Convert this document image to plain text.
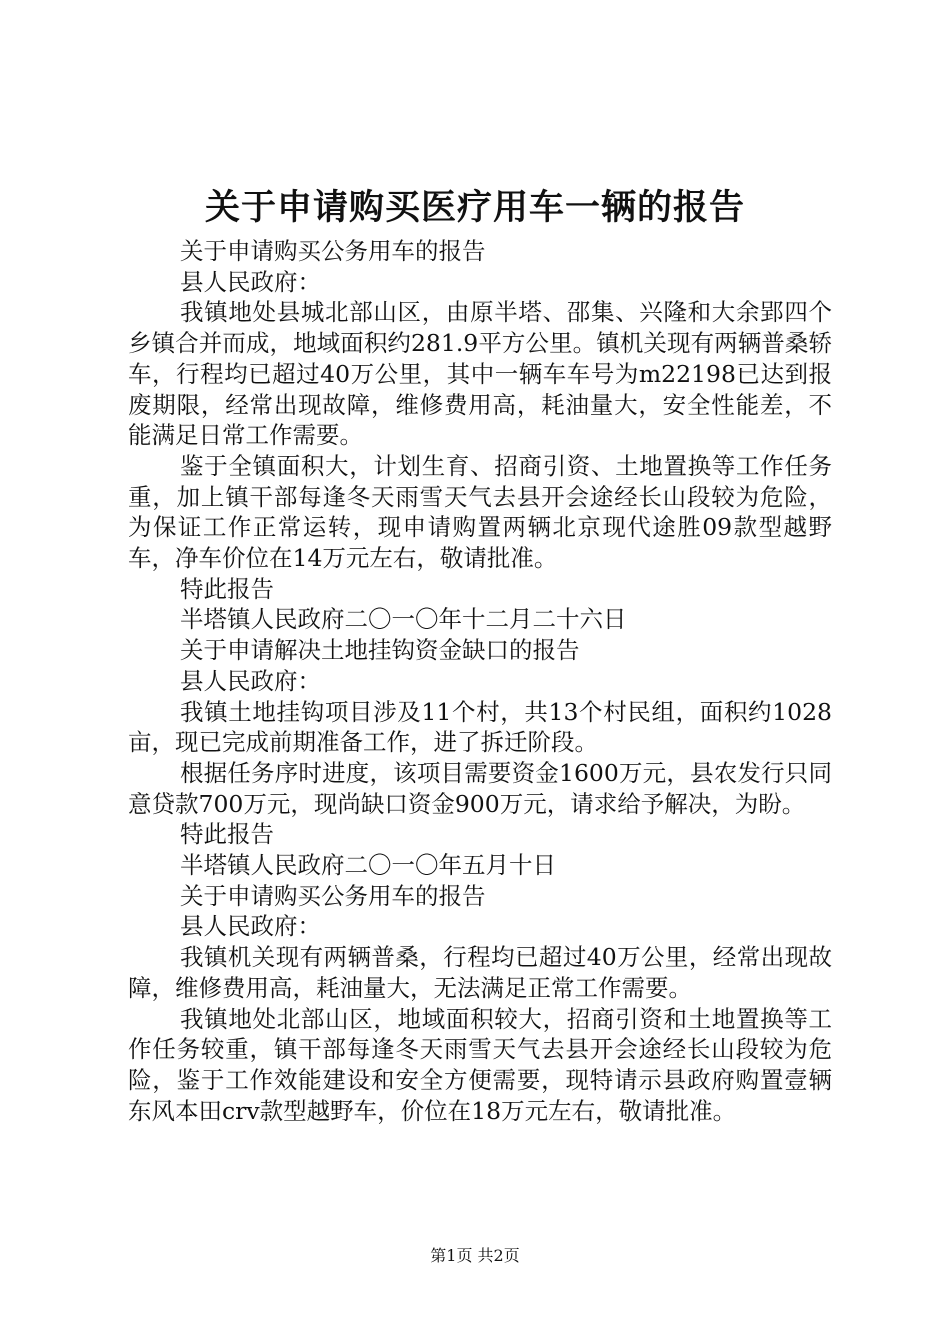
关于申请购买医疗用车一辆的报告

关于申请购买公务用车的报告

县人民政府：

我镇地处县城北部山区，由原半塔、邵集、兴隆和大余郢四个乡镇合并而成，地域面积约281.9平方公里。镇机关现有两辆普桑轿车，行程均已超过40万公里，其中一辆车车号为m22198已达到报废期限，经常出现故障，维修费用高，耗油量大，安全性能差，不能满足日常工作需要。

鉴于全镇面积大，计划生育、招商引资、土地置换等工作任务重，加上镇干部每逢冬天雨雪天气去县开会途经长山段较为危险，为保证工作正常运转，现申请购置两辆北京现代途胜09款型越野车，净车价位在14万元左右，敬请批准。

特此报告

半塔镇人民政府二〇一〇年十二月二十六日

关于申请解决土地挂钩资金缺口的报告

县人民政府：

我镇土地挂钩项目涉及11个村，共13个村民组，面积约1028亩，现已完成前期准备工作，进了拆迁阶段。

根据任务序时进度，该项目需要资金1600万元，县农发行只同意贷款700万元，现尚缺口资金900万元，请求给予解决，为盼。

特此报告

半塔镇人民政府二〇一〇年五月十日

关于申请购买公务用车的报告

县人民政府：

我镇机关现有两辆普桑，行程均已超过40万公里，经常出现故障，维修费用高，耗油量大，无法满足正常工作需要。

我镇地处北部山区，地域面积较大，招商引资和土地置换等工作任务较重，镇干部每逢冬天雨雪天气去县开会途经长山段较为危险，鉴于工作效能建设和安全方便需要，现特请示县政府购置壹辆东风本田crv款型越野车，价位在18万元左右，敬请批准。

第1页 共2页
